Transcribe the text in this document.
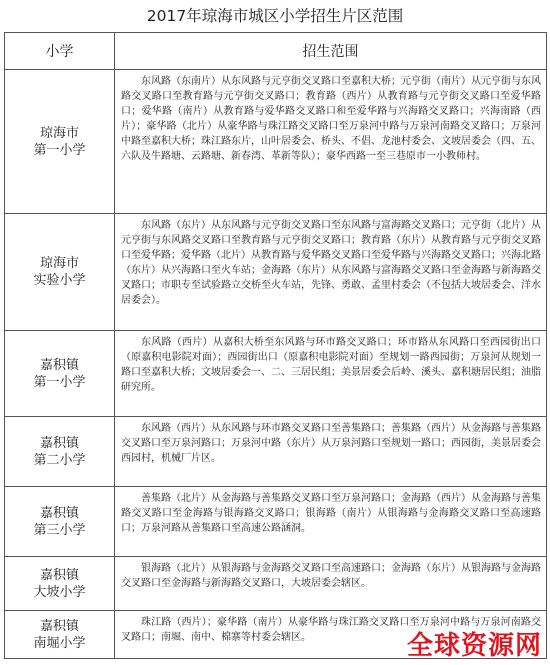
2017年琼海市城区小学招生片区范围
小学	招生范围

琼海市
第一小学	东风路（东南片）从东风路与元亨街交叉路口至嘉积大桥；元亨街（南片）从元亨街与东风路交叉路口至教育路与元亨街交叉路口；教育路（西片）从教育路与元亨街交叉路口至爱华路口；爱华路（南片）从教育路与爱华路交叉路口和至爱华路与兴海路交叉路口；兴海南路（西片）；豪华路（北片）从豪华路与珠江路交叉路口至万泉河中路与万泉河南路交叉路口；万泉河中路至嘉积大桥；珠江路东片，山叶居委会、桥头、不倡、龙池村委会、文坡居委会（四、五、六队及牛路塘、云路塘、新春湾、革新等队）；豪华西路一至三巷原市一小教师村。

琼海市
实验小学	东风路（东片）从东风路与元亨街交叉路口至东风路与富海路交叉路口；元亨街（北片）从元亨街与东风路交叉路口至教育路与元亨街交叉路口；教育路（东片）从教育路与元亨街交叉路口至爱华路；爱华路（北片）从教育路与爱华路交叉路口至爱华路与兴海路交叉路口；兴海北路（东片）从兴海路口至火车站；金海路（东片）从东风路与富海路交叉路口至金海路与新海路交叉路口；市职专至试验路立交桥至火车站，先锋、勇敢、孟里村委会（不包括大坡居委会、洋水居委会）。

嘉积镇
第一小学	东风路（西片）从嘉积大桥至东风路与环市路交叉路口；环市路从东风路口至西园街出口（原嘉积电影院对面）；西园街出口（原嘉积电影院对面）至规划一路西园街；万泉河从规划一路口至嘉积大桥；文坡居委会一、二、三居民组；美景居委会后岭、溪头、嘉积塘居民组；油脂研究所。

嘉积镇
第二小学	东风路（西片）从东风路与环市路交叉路口至善集路口；善集路（西片）从金海路与善集路交叉路口至万泉河路口；万泉河中路（东片）从万泉河路口至规划一路口；西园街，美景居委会西园村，机械厂片区。

嘉积镇
第三小学	善集路（北片）从金海路与善集路交叉路口至万泉河路口；金海路（西片）从金海路与善集路交叉路口至金海路与银海路交叉路口；银海路（南片）从银海路与金海路交叉路口至高速路口；万泉河路从善集路口至高速公路涵洞。

嘉积镇
大坡小学	银海路（北片）从银海路与金海路交叉路口至高速路口；金海路（东片）从银海路与金海路交叉路口至金海路与新海路交叉路口，大坡居委会辖区。

嘉积镇
南堀小学	珠江路（西片）；豪华路（南片）从豪华路与珠江路交叉路口至万泉河中路与万泉河南路交叉路口；南堀、南中、棉寨等村委会辖区。	全球资源网
